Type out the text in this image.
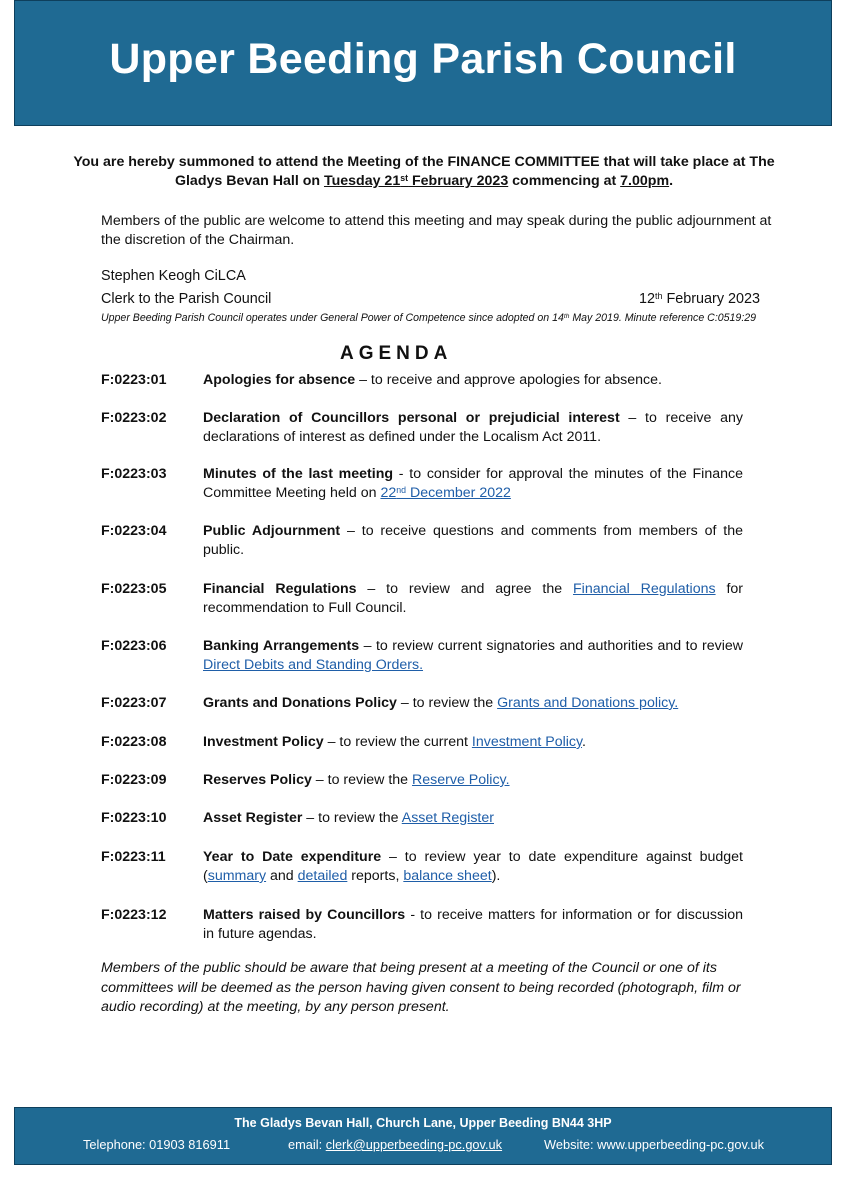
Upper Beeding Parish Council
You are hereby summoned to attend the Meeting of the FINANCE COMMITTEE that will take place at The Gladys Bevan Hall on Tuesday 21st February 2023 commencing at 7.00pm.
Members of the public are welcome to attend this meeting and may speak during the public adjournment at the discretion of the Chairman.
Stephen Keogh CiLCA
Clerk to the Parish Council	12th February 2023
Upper Beeding Parish Council operates under General Power of Competence since adopted on 14th May 2019. Minute reference C:0519:29
AGENDA
F:0223:01	Apologies for absence – to receive and approve apologies for absence.
F:0223:02	Declaration of Councillors personal or prejudicial interest – to receive any declarations of interest as defined under the Localism Act 2011.
F:0223:03	Minutes of the last meeting - to consider for approval the minutes of the Finance Committee Meeting held on 22nd December 2022
F:0223:04	Public Adjournment – to receive questions and comments from members of the public.
F:0223:05	Financial Regulations – to review and agree the Financial Regulations for recommendation to Full Council.
F:0223:06	Banking Arrangements – to review current signatories and authorities and to review Direct Debits and Standing Orders.
F:0223:07	Grants and Donations Policy – to review the Grants and Donations policy.
F:0223:08	Investment Policy – to review the current Investment Policy.
F:0223:09	Reserves Policy – to review the Reserve Policy.
F:0223:10	Asset Register – to review the Asset Register
F:0223:11	Year to Date expenditure – to review year to date expenditure against budget (summary and detailed reports, balance sheet).
F:0223:12	Matters raised by Councillors - to receive matters for information or for discussion in future agendas.
Members of the public should be aware that being present at a meeting of the Council or one of its committees will be deemed as the person having given consent to being recorded (photograph, film or audio recording) at the meeting, by any person present.
The Gladys Bevan Hall, Church Lane, Upper Beeding BN44 3HP
Telephone: 01903 816911	email: clerk@upperbeeding-pc.gov.uk	Website: www.upperbeeding-pc.gov.uk
